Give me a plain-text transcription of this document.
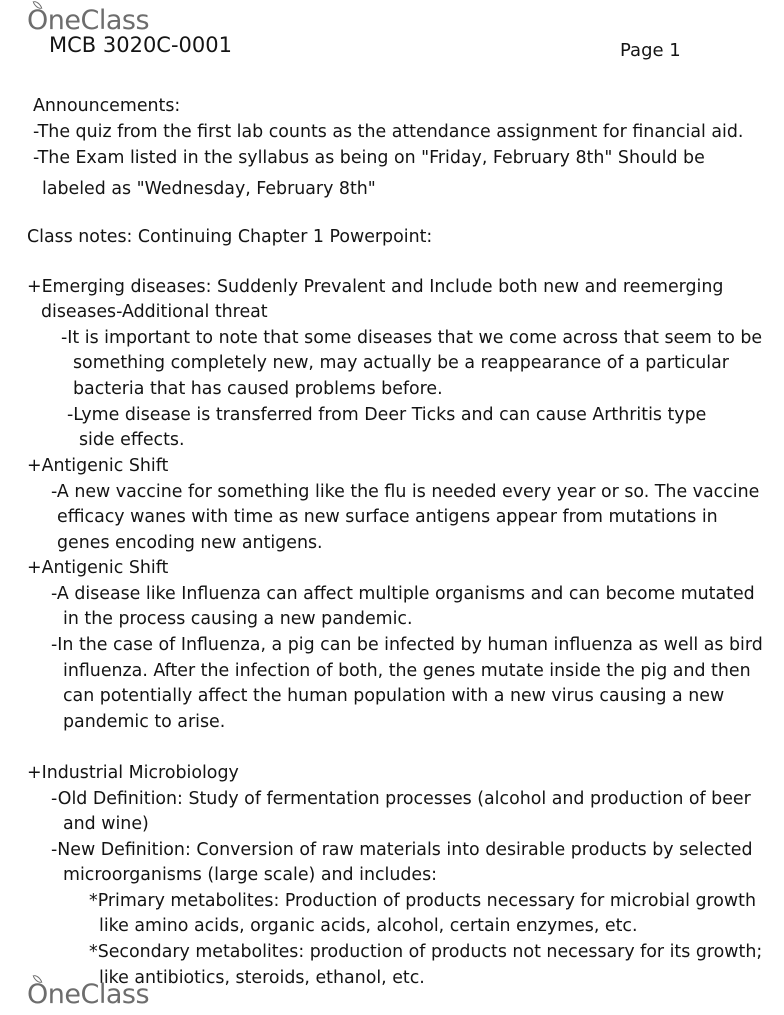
OneClass
MCB 3020C-0001	Page 1
Announcements:
-The quiz from the first lab counts as the attendance assignment for financial aid.
-The Exam listed in the syllabus as being on "Friday, February 8th" Should be
labeled as "Wednesday, February 8th"
Class notes: Continuing Chapter 1 Powerpoint:
+Emerging diseases: Suddenly Prevalent and Include both new and reemerging
diseases-Additional threat
-It is important to note that some diseases that we come across that seem to be
something completely new, may actually be a reappearance of a particular
bacteria that has caused problems before.
-Lyme disease is transferred from Deer Ticks and can cause Arthritis type
side effects.
+Antigenic Shift
-A new vaccine for something like the flu is needed every year or so. The vaccine
efficacy wanes with time as new surface antigens appear from mutations in
genes encoding new antigens.
+Antigenic Shift
-A disease like Influenza can affect multiple organisms and can become mutated
in the process causing a new pandemic.
-In the case of Influenza, a pig can be infected by human influenza as well as bird
influenza. After the infection of both, the genes mutate inside the pig and then
can potentially affect the human population with a new virus causing a new
pandemic to arise.
+Industrial Microbiology
-Old Definition: Study of fermentation processes (alcohol and production of beer
and wine)
-New Definition: Conversion of raw materials into desirable products by selected
microorganisms (large scale) and includes:
*Primary metabolites: Production of products necessary for microbial growth
like amino acids, organic acids, alcohol, certain enzymes, etc.
*Secondary metabolites: production of products not necessary for its growth;
like antibiotics, steroids, ethanol, etc.
OneClass
